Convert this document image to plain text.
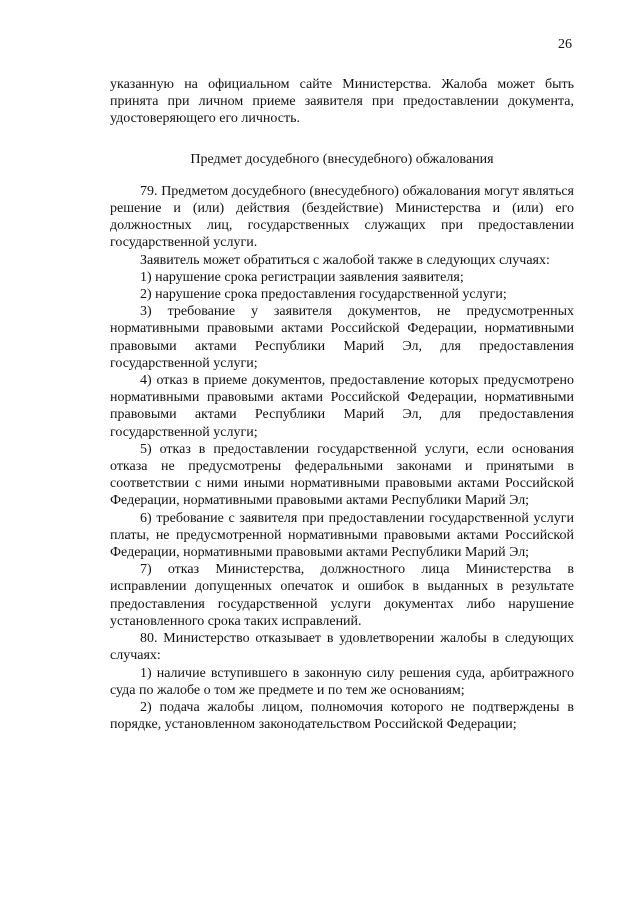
26

указанную на официальном сайте Министерства. Жалоба может быть принята при личном приеме заявителя при предоставлении документа, удостоверяющего его личность.

Предмет досудебного (внесудебного) обжалования

79. Предметом досудебного (внесудебного) обжалования могут являться решение и (или) действия (бездействие) Министерства и (или) его должностных лиц, государственных служащих при предоставлении государственной услуги.

Заявитель может обратиться с жалобой также в следующих случаях:

1) нарушение срока регистрации заявления заявителя;

2) нарушение срока предоставления государственной услуги;

3) требование у заявителя документов, не предусмотренных нормативными правовыми актами Российской Федерации, нормативными правовыми актами Республики Марий Эл, для предоставления государственной услуги;

4) отказ в приеме документов, предоставление которых предусмотрено нормативными правовыми актами Российской Федерации, нормативными правовыми актами Республики Марий Эл, для предоставления государственной услуги;

5) отказ в предоставлении государственной услуги, если основания отказа не предусмотрены федеральными законами и принятыми в соответствии с ними иными нормативными правовыми актами Российской Федерации, нормативными правовыми актами Республики Марий Эл;

6) требование с заявителя при предоставлении государственной услуги платы, не предусмотренной нормативными правовыми актами Российской Федерации, нормативными правовыми актами Республики Марий Эл;

7) отказ Министерства, должностного лица Министерства в исправлении допущенных опечаток и ошибок в выданных в результате предоставления государственной услуги документах либо нарушение установленного срока таких исправлений.

80. Министерство отказывает в удовлетворении жалобы в следующих случаях:

1) наличие вступившего в законную силу решения суда, арбитражного суда по жалобе о том же предмете и по тем же основаниям;

2) подача жалобы лицом, полномочия которого не подтверждены в порядке, установленном законодательством Российской Федерации;
